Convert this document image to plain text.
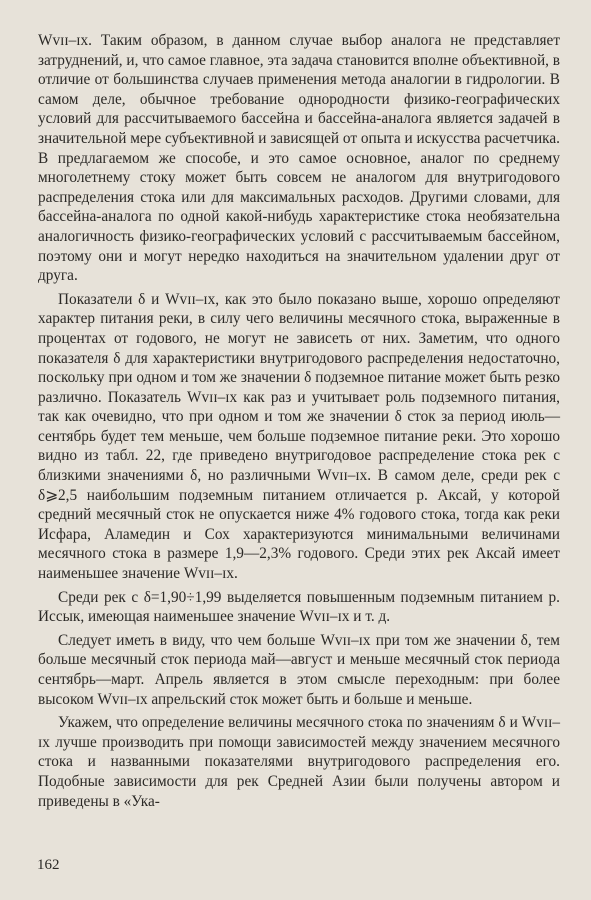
Wᴠɪɪ–ɪx. Таким образом, в данном случае выбор аналога не представляет затруднений, и, что самое главное, эта задача становится вполне объективной, в отличие от большинства случаев применения метода аналогии в гидрологии. В самом деле, обычное требование однородности физико-географических условий для рассчитываемого бассейна и бассейна-аналога является задачей в значительной мере субъективной и зависящей от опыта и искусства расчетчика. В предлагаемом же способе, и это самое основное, аналог по среднему многолетнему стоку может быть совсем не аналогом для внутригодового распределения стока или для максимальных расходов. Другими словами, для бассейна-аналога по одной какой-нибудь характеристике стока необязательна аналогичность физико-географических условий с рассчитываемым бассейном, поэтому они и могут нередко находиться на значительном удалении друг от друга.

Показатели δ и Wᴠɪɪ–ɪx, как это было показано выше, хорошо определяют характер питания реки, в силу чего величины месячного стока, выраженные в процентах от годового, не могут не зависеть от них. Заметим, что одного показателя δ для характеристики внутригодового распределения недостаточно, поскольку при одном и том же значении δ подземное питание может быть резко различно. Показатель Wᴠɪɪ–ɪx как раз и учитывает роль подземного питания, так как очевидно, что при одном и том же значении δ сток за период июль—сентябрь будет тем меньше, чем больше подземное питание реки. Это хорошо видно из табл. 22, где приведено внутригодовое распределение стока рек с близкими значениями δ, но различными Wᴠɪɪ–ɪx. В самом деле, среди рек с δ⩾2,5 наибольшим подземным питанием отличается р. Аксай, у которой средний месячный сток не опускается ниже 4% годового стока, тогда как реки Исфара, Аламедин и Сох характеризуются минимальными величинами месячного стока в размере 1,9—2,3% годового. Среди этих рек Аксай имеет наименьшее значение Wᴠɪɪ–ɪx.

Среди рек с δ=1,90÷1,99 выделяется повышенным подземным питанием р. Иссык, имеющая наименьшее значение Wᴠɪɪ–ɪx и т. д.

Следует иметь в виду, что чем больше Wᴠɪɪ–ɪx при том же значении δ, тем больше месячный сток периода май—август и меньше месячный сток периода сентябрь—март. Апрель является в этом смысле переходным: при более высоком Wᴠɪɪ–ɪx апрельский сток может быть и больше и меньше.

Укажем, что определение величины месячного стока по значениям δ и Wᴠɪɪ–ɪx лучше производить при помощи зависимостей между значением месячного стока и названными показателями внутригодового распределения его. Подобные зависимости для рек Средней Азии были получены автором и приведены в «Ука-

162
